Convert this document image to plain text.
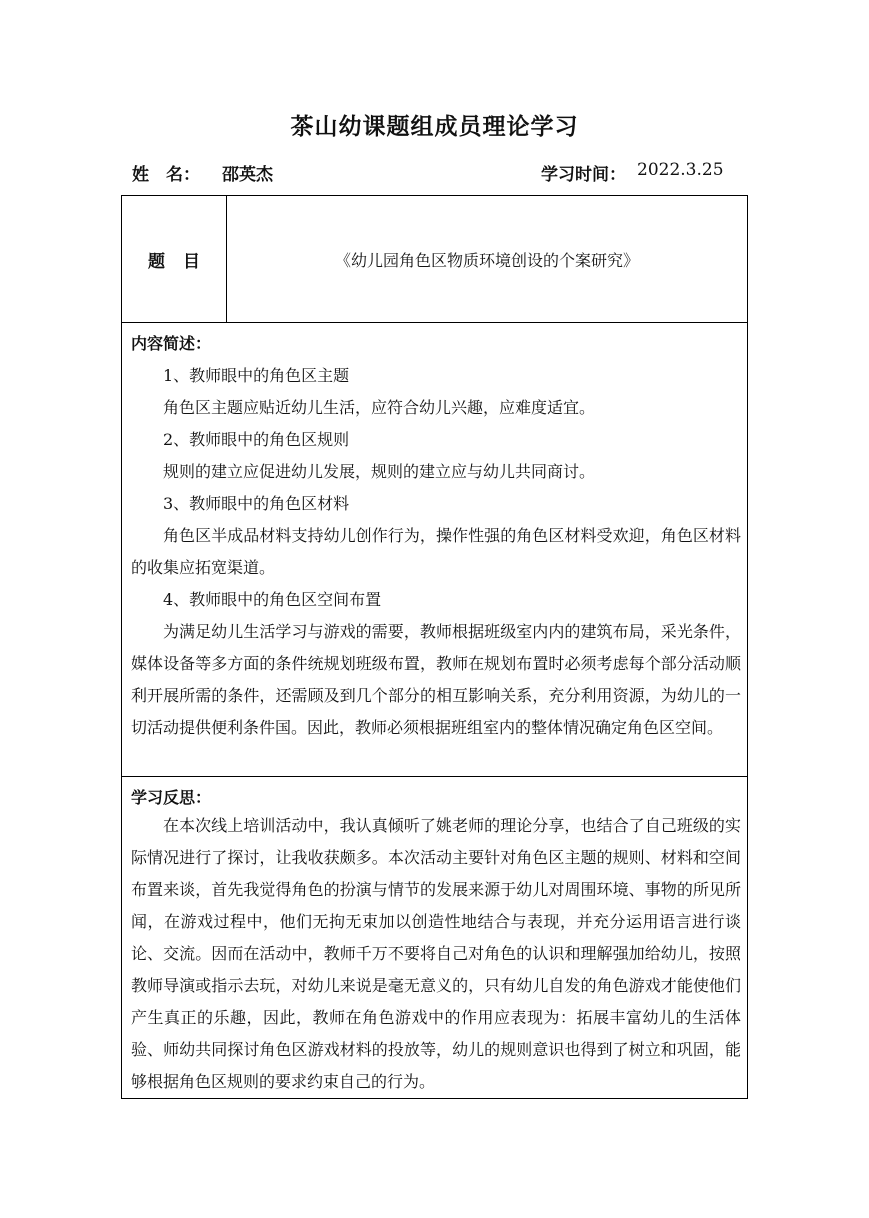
茶山幼课题组成员理论学习
姓　名： 邵英杰	学习时间： 2022.3.25
题目	《幼儿园角色区物质环境创设的个案研究》
内容简述：

1、教师眼中的角色区主题

角色区主题应贴近幼儿生活，应符合幼儿兴趣，应难度适宜。

2、教师眼中的角色区规则

规则的建立应促进幼儿发展，规则的建立应与幼儿共同商讨。

3、教师眼中的角色区材料

角色区半成品材料支持幼儿创作行为，操作性强的角色区材料受欢迎，角色区材料的收集应拓宽渠道。

4、教师眼中的角色区空间布置

为满足幼儿生活学习与游戏的需要，教师根据班级室内内的建筑布局，采光条件，媒体设备等多方面的条件统规划班级布置，教师在规划布置时必须考虑每个部分活动顺利开展所需的条件，还需顾及到几个部分的相互影响关系，充分利用资源，为幼儿的一切活动提供便利条件国。因此，教师必须根据班组室内的整体情况确定角色区空间。

学习反思：

在本次线上培训活动中，我认真倾听了姚老师的理论分享，也结合了自己班级的实际情况进行了探讨，让我收获颇多。本次活动主要针对角色区主题的规则、材料和空间布置来谈，首先我觉得角色的扮演与情节的发展来源于幼儿对周围环境、事物的所见所闻，在游戏过程中，他们无拘无束加以创造性地结合与表现，并充分运用语言进行谈论、交流。因而在活动中，教师千万不要将自己对角色的认识和理解强加给幼儿，按照教师导演或指示去玩，对幼儿来说是毫无意义的，只有幼儿自发的角色游戏才能使他们产生真正的乐趣，因此，教师在角色游戏中的作用应表现为：拓展丰富幼儿的生活体验、师幼共同探讨角色区游戏材料的投放等，幼儿的规则意识也得到了树立和巩固，能够根据角色区规则的要求约束自己的行为。
